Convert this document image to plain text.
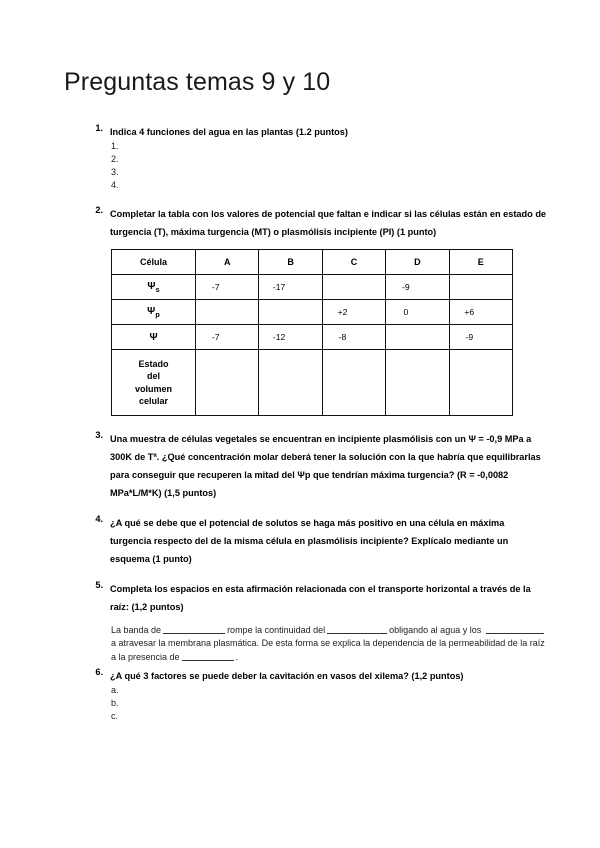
Preguntas temas 9 y 10
1. Indica 4 funciones del agua en las plantas (1.2 puntos)
1.
2.
3.
4.
2. Completar la tabla con los valores de potencial que faltan e indicar si las células están en estado de turgencia (T), máxima turgencia (MT) o plasmólisis incipiente (PI) (1 punto)
Célula	A	B	C	D	E
$\Psi_s$	-7	-17		-9	
$\Psi_p$			+2	0	+6
Ψ	-7	-12	-8		-9
Estado
del
volumen
celular					
3. Una muestra de células vegetales se encuentran en incipiente plasmólisis con un Ψ = -0,9 MPa a 300K de Tª. ¿Qué concentración molar deberá tener la solución con la que habría que equilibrarlas para conseguir que recuperen la mitad del Ψp que tendrían máxima turgencia? (R = -0,0082 MPa*L/M*K) (1,5 puntos)
4. ¿A qué se debe que el potencial de solutos se haga más positivo en una célula en máxima turgencia respecto del de la misma célula en plasmólisis incipiente? Explícalo mediante un esquema (1 punto)
5. Completa los espacios en esta afirmación relacionada con el transporte horizontal a través de la raíz: (1,2 puntos)

La banda de	rompe la continuidad del	obligando al agua y los a atravesar la membrana plasmática. De esta forma se explica la dependencia de la permeabilidad de la raíz a la presencia de	.

6. ¿A qué 3 factores se puede deber la cavitación en vasos del xilema? (1,2 puntos)
a.
b.
c.
